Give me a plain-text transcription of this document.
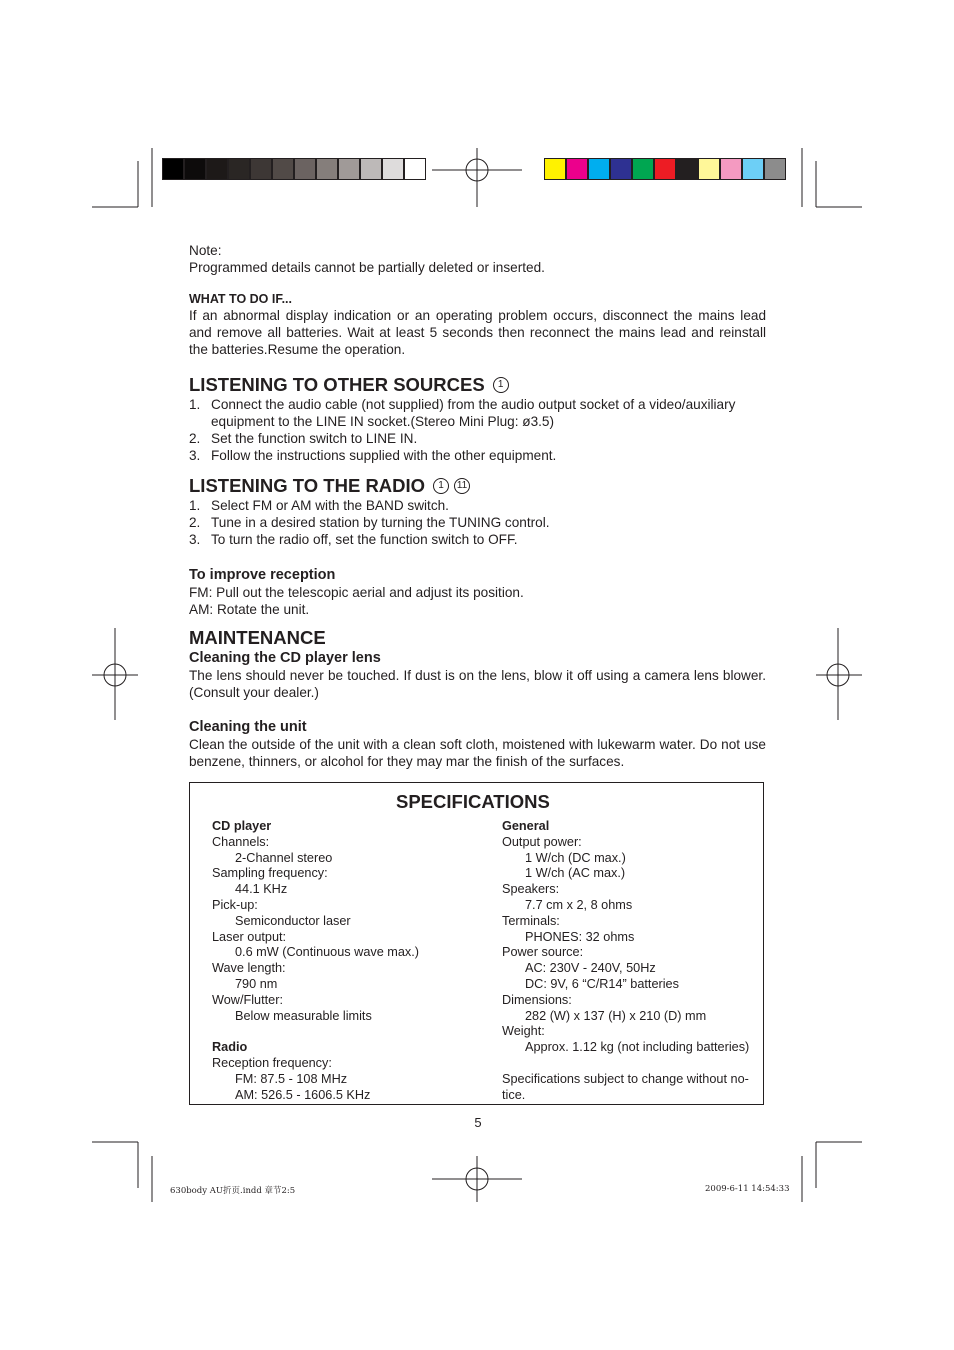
Note:

Programmed details cannot be partially deleted or inserted.

WHAT TO DO IF...

If an abnormal display indication or an operating problem occurs, disconnect the mains lead and remove all batteries. Wait at least 5 seconds then reconnect the mains lead and reinstall the batteries.Resume the operation.

LISTENING TO OTHER SOURCES	1
1. Connect the audio cable (not supplied) from the audio output socket of a video/auxiliary equipment to the LINE IN socket.(Stereo Mini Plug: ø3.5)
2. Set the function switch to LINE IN.
3. Follow the instructions supplied with the other equipment.
LISTENING TO THE RADIO	1	11
1. Select FM or AM with the BAND switch.
2. Tune in a desired station by turning the TUNING control.
3. To turn the radio off, set the function switch to OFF.

To improve reception

FM: Pull out the telescopic aerial and adjust its position.

AM: Rotate the unit.

MAINTENANCE

Cleaning the CD player lens

The lens should never be touched. If dust is on the lens, blow it off using a camera lens blower. (Consult your dealer.)

Cleaning the unit

Clean the outside of the unit with a clean soft cloth, moistened with lukewarm water. Do not use benzene, thinners, or alcohol for they may mar the finish of the surfaces.

SPECIFICATIONS
CD player
Channels:
2-Channel stereo
Sampling frequency:
44.1 KHz
Pick-up:
Semiconductor laser
Laser output:
0.6 mW (Continuous wave max.)
Wave length:
790 nm
Wow/Flutter:
Below measurable limits
Radio
Reception frequency:
FM: 87.5 - 108 MHz
AM: 526.5 - 1606.5 KHz
General
Output power:
1 W/ch (DC max.)
1 W/ch (AC max.)
Speakers:
7.7 cm x 2, 8 ohms
Terminals:
PHONES: 32 ohms
Power source:
AC: 230V - 240V, 50Hz
DC: 9V, 6 “C/R14” batteries
Dimensions:
282 (W) x 137 (H) x 210 (D) mm
Weight:
Approx. 1.12 kg (not including batteries)
Specifications subject to change without no-
tice.
5
630body AU折页.indd 章节2:5	2009-6-11 14:54:33
